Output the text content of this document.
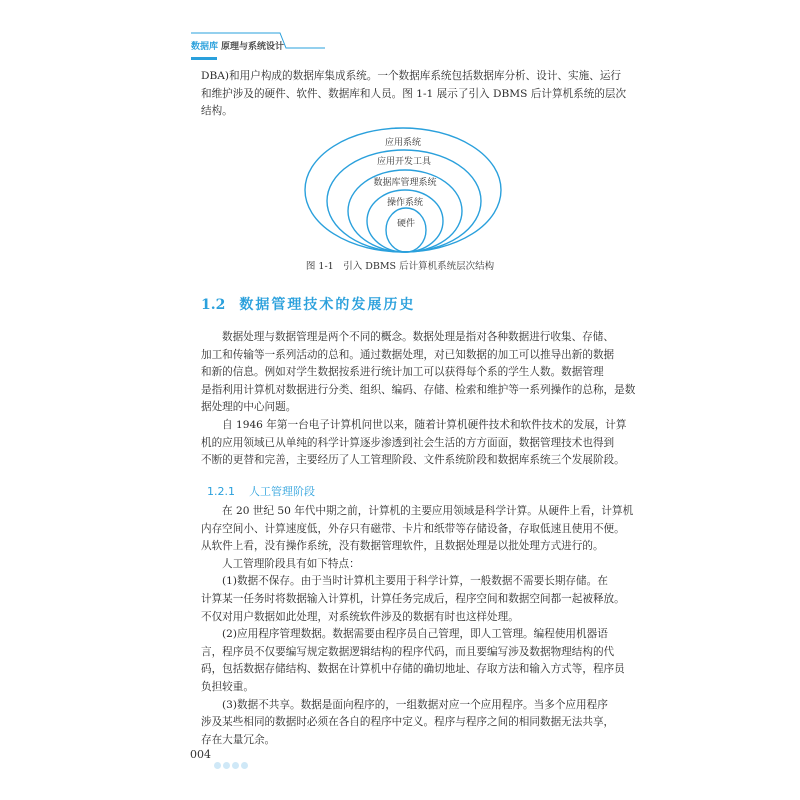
数据库 原理与系统设计
DBA)和用户构成的数据库集成系统。一个数据库系统包括数据库分析、设计、实施、运行
和维护涉及的硬件、软件、数据库和人员。图 1-1 展示了引入 DBMS 后计算机系统的层次
结构。
应用系统
应用开发工具
数据库管理系统
操作系统
硬件
图 1-1　引入 DBMS 后计算机系统层次结构
1.2 数据管理技术的发展历史
数据处理与数据管理是两个不同的概念。数据处理是指对各种数据进行收集、存储、
加工和传输等一系列活动的总和。通过数据处理，对已知数据的加工可以推导出新的数据
和新的信息。例如对学生数据按系进行统计加工可以获得每个系的学生人数。数据管理
是指利用计算机对数据进行分类、组织、编码、存储、检索和维护等一系列操作的总称，是数
据处理的中心问题。
自 1946 年第一台电子计算机问世以来，随着计算机硬件技术和软件技术的发展，计算
机的应用领域已从单纯的科学计算逐步渗透到社会生活的方方面面，数据管理技术也得到
不断的更替和完善，主要经历了人工管理阶段、文件系统阶段和数据库系统三个发展阶段。
1.2.1 人工管理阶段
在 20 世纪 50 年代中期之前，计算机的主要应用领域是科学计算。从硬件上看，计算机
内存空间小、计算速度低，外存只有磁带、卡片和纸带等存储设备，存取低速且使用不便。
从软件上看，没有操作系统，没有数据管理软件，且数据处理是以批处理方式进行的。
人工管理阶段具有如下特点：
(1)数据不保存。由于当时计算机主要用于科学计算，一般数据不需要长期存储。在
计算某一任务时将数据输入计算机，计算任务完成后，程序空间和数据空间都一起被释放。
不仅对用户数据如此处理，对系统软件涉及的数据有时也这样处理。
(2)应用程序管理数据。数据需要由程序员自己管理，即人工管理。编程使用机器语
言，程序员不仅要编写规定数据逻辑结构的程序代码，而且要编写涉及数据物理结构的代
码，包括数据存储结构、数据在计算机中存储的确切地址、存取方法和输入方式等，程序员
负担较重。
(3)数据不共享。数据是面向程序的，一组数据对应一个应用程序。当多个应用程序
涉及某些相同的数据时必须在各自的程序中定义。程序与程序之间的相同数据无法共享，
存在大量冗余。
004
